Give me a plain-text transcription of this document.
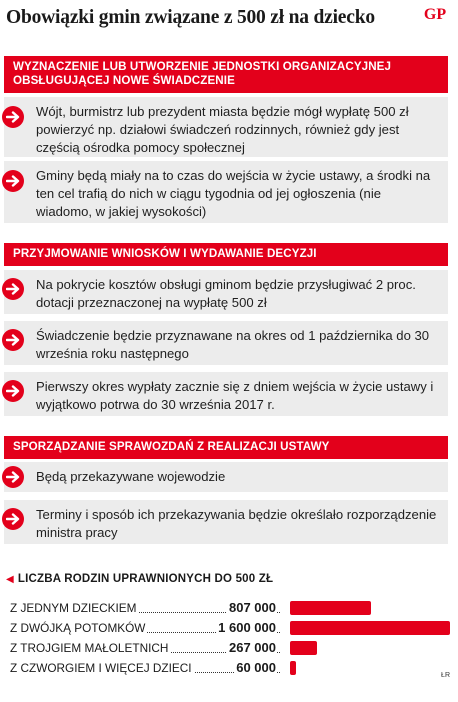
Obowiązki gmin związane z 500 zł na dziecko	GP
WYZNACZENIE LUB UTWORZENIE JEDNOSTKI ORGANIZACYJNEJ OBSŁUGUJĄCEJ NOWE ŚWIADCZENIE
Wójt, burmistrz lub prezydent miasta będzie mógł wypłatę 500 zł powierzyć np. działowi świadczeń rodzinnych, również gdy jest częścią ośrodka pomocy społecznej
Gminy będą miały na to czas do wejścia w życie ustawy, a środki na ten cel trafią do nich w ciągu tygodnia od jej ogłoszenia (nie wiadomo, w jakiej wysokości)
PRZYJMOWANIE WNIOSKÓW I WYDAWANIE DECYZJI
Na pokrycie kosztów obsługi gminom będzie przysługiwać 2 proc. dotacji przeznaczonej na wypłatę 500 zł
Świadczenie będzie przyznawane na okres od 1 października do 30 września roku następnego
Pierwszy okres wypłaty zacznie się z dniem wejścia w życie ustawy i wyjątkowo potrwa do 30 września 2017 r.
SPORZĄDZANIE SPRAWOZDAŃ Z REALIZACJI USTAWY
Będą przekazywane wojewodzie
Terminy i sposób ich przekazywania będzie określało rozporządzenie ministra pracy
◀ LICZBA RODZIN UPRAWNIONYCH DO 500 ZŁ
Z JEDNYM DZIECKIEM	807 000
Z DWÓJKĄ POTOMKÓW	1 600 000
Z TROJGIEM MAŁOLETNICH	267 000
Z CZWORGIEM I WIĘCEJ DZIECI	60 000
ŁR
